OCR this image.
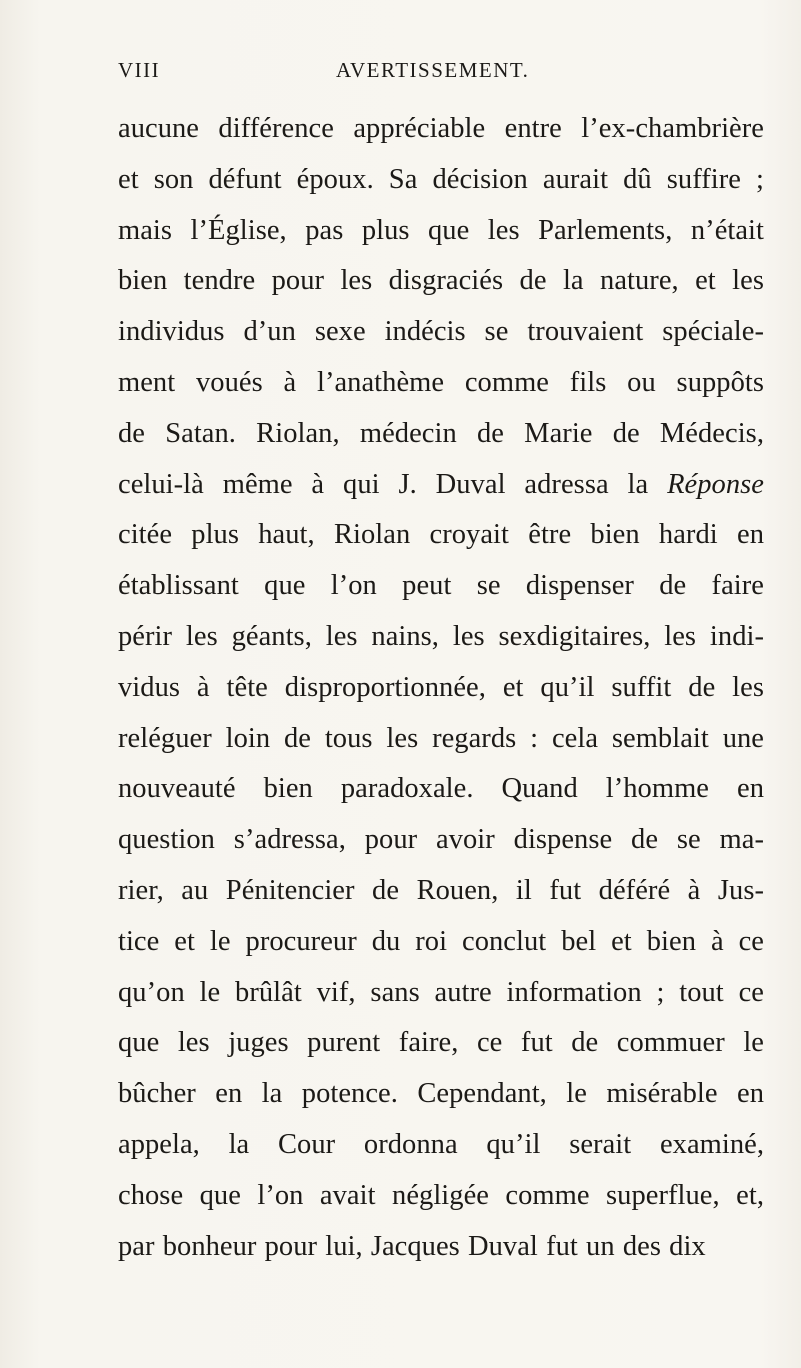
VIII	AVERTISSEMENT.
aucune différence appréciable entre l’ex-chambrière
et son défunt époux. Sa décision aurait dû suffire ;
mais l’Église, pas plus que les Parlements, n’était
bien tendre pour les disgraciés de la nature, et les
individus d’un sexe indécis se trouvaient spéciale-
ment voués à l’anathème comme fils ou suppôts
de Satan. Riolan, médecin de Marie de Médecis,
celui-là même à qui J. Duval adressa la Réponse
citée plus haut, Riolan croyait être bien hardi en
établissant que l’on peut se dispenser de faire
périr les géants, les nains, les sexdigitaires, les indi-
vidus à tête disproportionnée, et qu’il suffit de les
reléguer loin de tous les regards : cela semblait une
nouveauté bien paradoxale. Quand l’homme en
question s’adressa, pour avoir dispense de se ma-
rier, au Pénitencier de Rouen, il fut déféré à Jus-
tice et le procureur du roi conclut bel et bien à ce
qu’on le brûlât vif, sans autre information ; tout ce
que les juges purent faire, ce fut de commuer le
bûcher en la potence. Cependant, le misérable en
appela, la Cour ordonna qu’il serait examiné,
chose que l’on avait négligée comme superflue, et,
par bonheur pour lui, Jacques Duval fut un des dix
